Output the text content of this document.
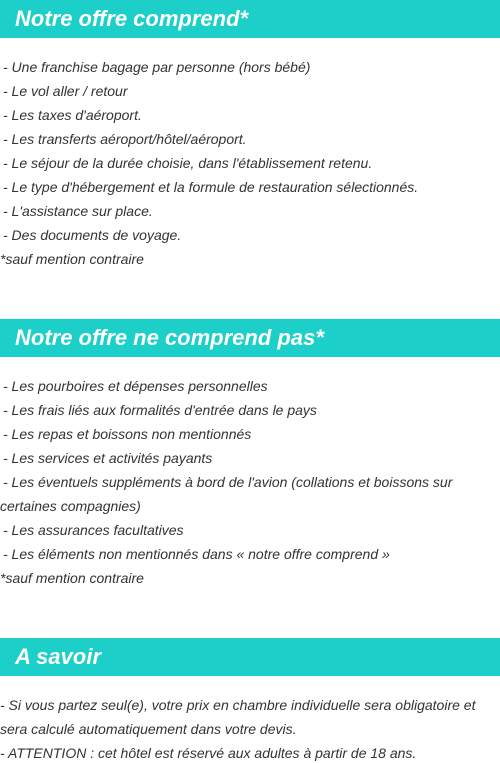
Notre offre comprend*
- Une franchise bagage par personne (hors bébé)
- Le vol aller / retour
- Les taxes d'aéroport.
- Les transferts aéroport/hôtel/aéroport.
- Le séjour de la durée choisie, dans l'établissement retenu.
- Le type d'hébergement et la formule de restauration sélectionnés.
- L'assistance sur place.
- Des documents de voyage.
*sauf mention contraire
Notre offre ne comprend pas*
- Les pourboires et dépenses personnelles
- Les frais liés aux formalités d'entrée dans le pays
- Les repas et boissons non mentionnés
- Les services et activités payants
- Les éventuels suppléments à bord de l'avion (collations et boissons sur certaines compagnies)
- Les assurances facultatives
- Les éléments non mentionnés dans « notre offre comprend »
*sauf mention contraire
A savoir

- Si vous partez seul(e), votre prix en chambre individuelle sera obligatoire et sera calculé automatiquement dans votre devis.

- ATTENTION : cet hôtel est réservé aux adultes à partir de 18 ans.
